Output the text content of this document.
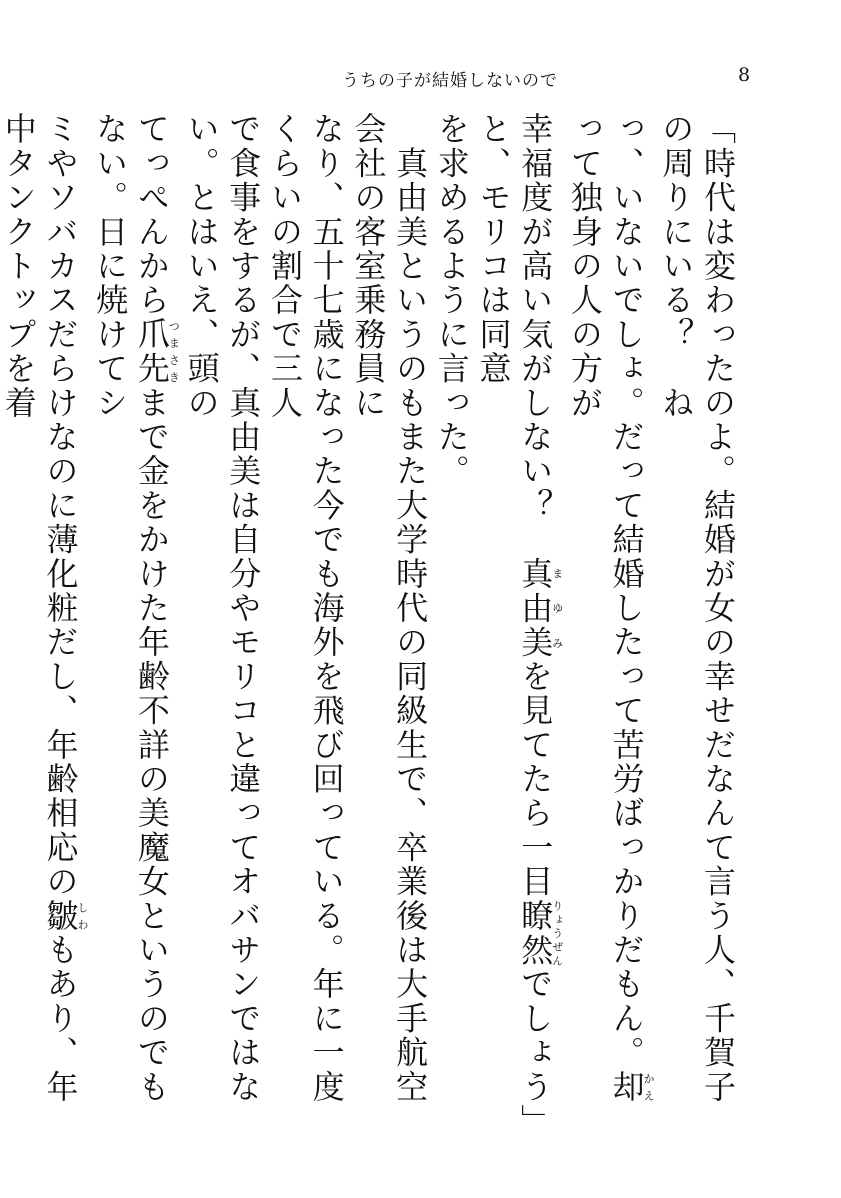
うちの子が結婚しないので	8
「時代は変わったのよ。結婚が女の幸せだなんて言う人、千賀子の周りにいる？　ね
っ、いないでしょ。だって結婚したって苦労ばっかりだもん。却かえって独身の人の方が
幸福度が高い気がしない？　真由美まゆみを見てたら一目瞭然りょうぜんでしょう」と、モリコは同意
を求めるように言った。
　真由美というのもまた大学時代の同級生で、卒業後は大手航空会社の客室乗務員に
なり、五十七歳になった今でも海外を飛び回っている。年に一度くらいの割合で三人
で食事をするが、真由美は自分やモリコと違ってオバサンではない。とはいえ、頭の
てっぺんから爪先つまさきまで金をかけた年齢不詳の美魔女というのでもない。日に焼けてシ
ミやソバカスだらけなのに薄化粧だし、年齢相応の皺しわもあり、年中タンクトップを着
